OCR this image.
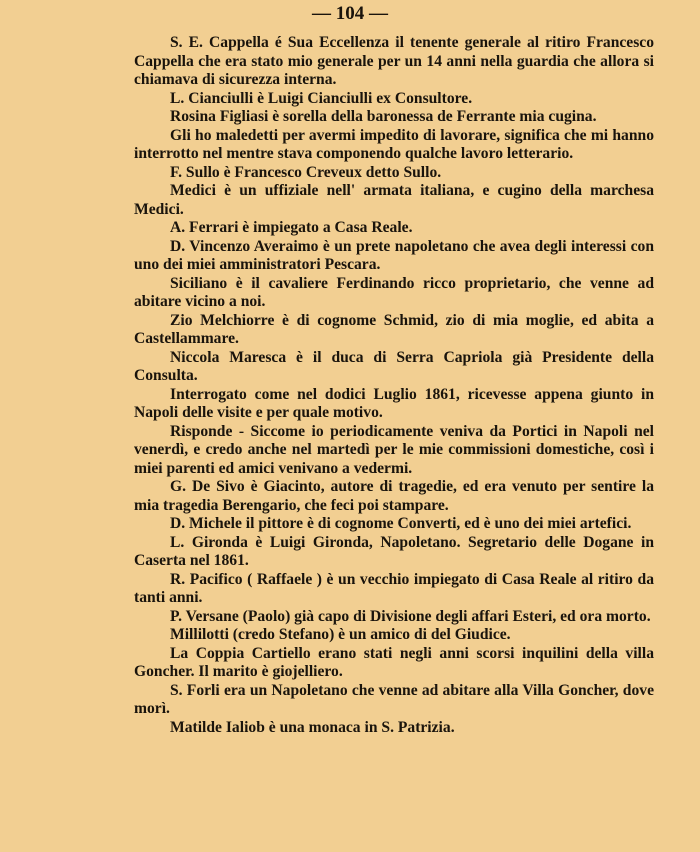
— 104 —

S. E. Cappella é Sua Eccellenza il tenente generale al ritiro Francesco Cappella che era stato mio generale per un 14 anni nella guardia che allora si chiamava di sicurezza interna.

L. Cianciulli è Luigi Cianciulli ex Consultore.

Rosina Figliasi è sorella della baronessa de Ferrante mia cugina.

Gli ho maledetti per avermi impedito di lavorare, significa che mi hanno interrotto nel mentre stava componendo qualche lavoro letterario.

F. Sullo è Francesco Creveux detto Sullo.

Medici è un uffiziale nell' armata italiana, e cugino della marchesa Medici.

A. Ferrari è impiegato a Casa Reale.

D. Vincenzo Averaimo è un prete napoletano che avea degli interessi con uno dei miei amministratori Pescara.

Siciliano è il cavaliere Ferdinando ricco proprietario, che venne ad abitare vicino a noi.

Zio Melchiorre è di cognome Schmid, zio di mia moglie, ed abita a Castellammare.

Niccola Maresca è il duca di Serra Capriola già Presidente della Consulta.

Interrogato come nel dodici Luglio 1861, ricevesse appena giunto in Napoli delle visite e per quale motivo.

Risponde - Siccome io periodicamente veniva da Portici in Napoli nel venerdì, e credo anche nel martedì per le mie commissioni domestiche, così i miei parenti ed amici venivano a vedermi.

G. De Sivo è Giacinto, autore di tragedie, ed era venuto per sentire la mia tragedia Berengario, che feci poi stampare.

D. Michele il pittore è di cognome Converti, ed è uno dei miei artefici.

L. Gironda è Luigi Gironda, Napoletano. Segretario delle Dogane in Caserta nel 1861.

R. Pacifico ( Raffaele ) è un vecchio impiegato di Casa Reale al ritiro da tanti anni.

P. Versane (Paolo) già capo di Divisione degli affari Esteri, ed ora morto.

Millilotti (credo Stefano) è un amico di del Giudice.

La Coppia Cartiello erano stati negli anni scorsi inquilini della villa Goncher. Il marito è giojelliero.

S. Forli era un Napoletano che venne ad abitare alla Villa Goncher, dove morì.

Matilde Ialiob è una monaca in S. Patrizia.
